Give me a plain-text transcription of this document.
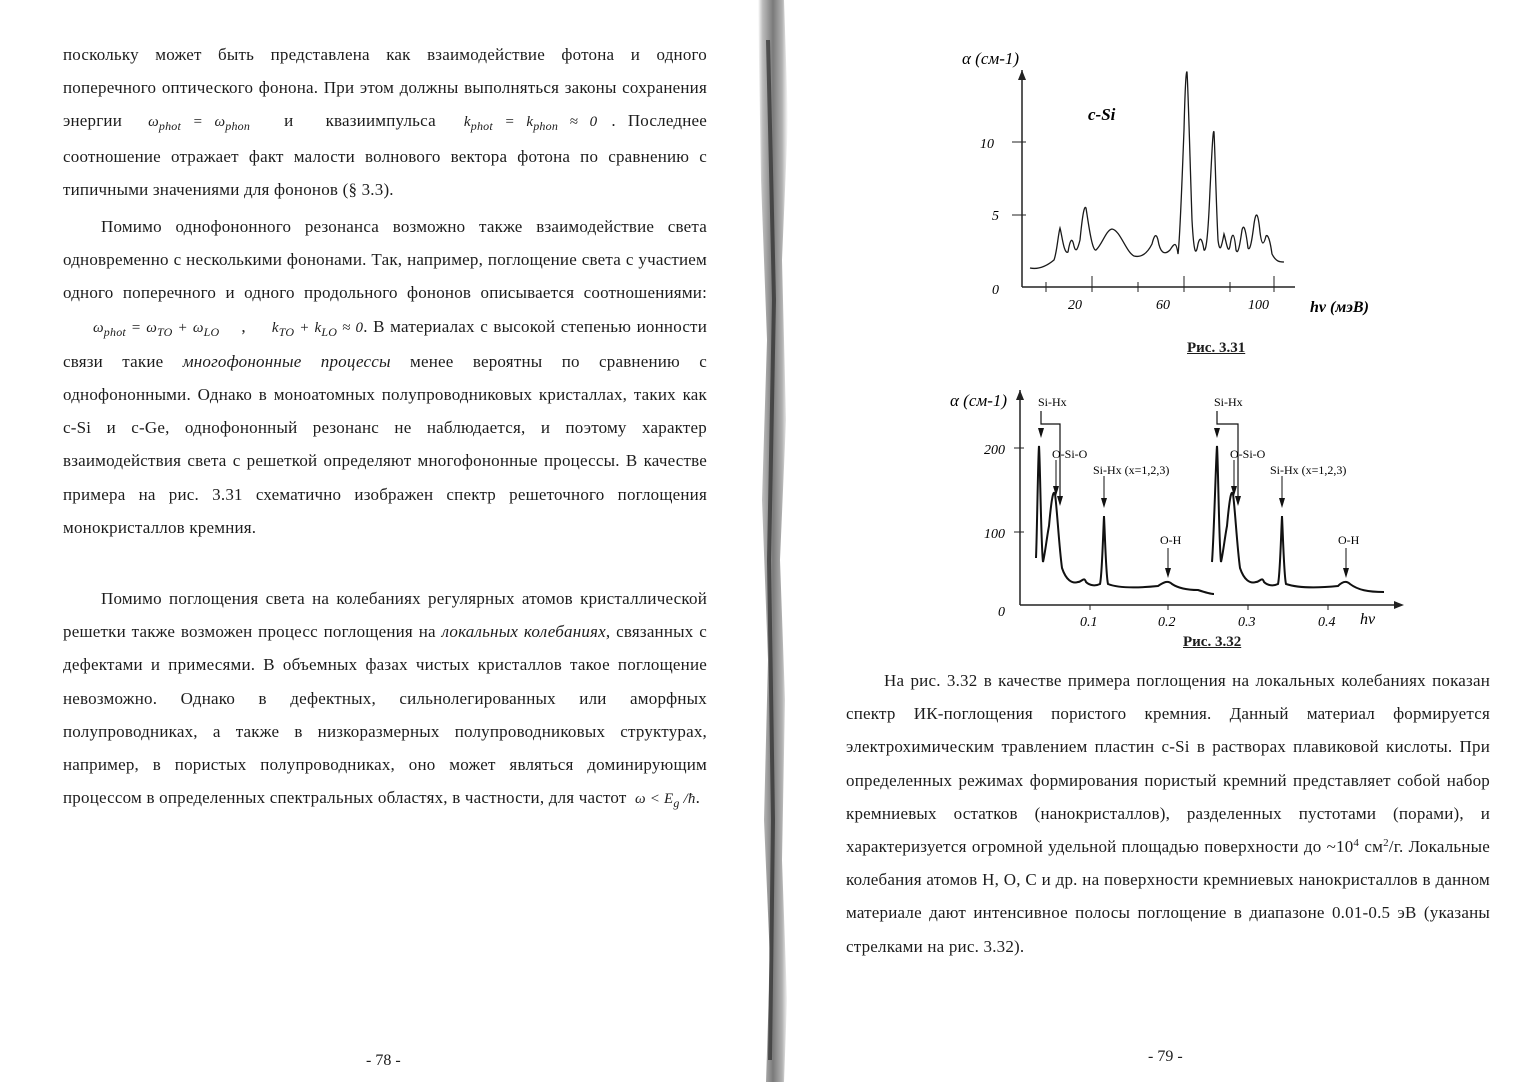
поскольку может быть представлена как взаимодействие фотона и одного поперечного оптического фонона. При этом должны выполняться законы сохранения энергии $\omega_{phot} = \omega_{phon}$ и квазиимпульса $k_{phot} = k_{phon} \approx 0$ . Последнее соотношение отражает факт малости волнового вектора фотона по сравнению с типичными значениями для фононов (§ 3.3).
Помимо однофононного резонанса возможно также взаимодействие света одновременно с несколькими фононами. Так, например, поглощение света с участием одного поперечного и одного продольного фононов описывается соотношениями: $\omega_{phot} = \omega_{TO} + \omega_{LO}$ , $k_{TO} + k_{LO} \approx 0$. В материалах с высокой степенью ионности связи такие многофононные процессы менее вероятны по сравнению с однофононными. Однако в моноатомных полупроводниковых кристаллах, таких как c-Si и c-Ge, однофононный резонанс не наблюдается, и поэтому характер взаимодействия света с решеткой определяют многофононные процессы. В качестве примера на рис. 3.31 схематично изображен спектр решеточного поглощения монокристаллов кремния.
Помимо поглощения света на колебаниях регулярных атомов кристаллической решетки также возможен процесс поглощения на локальных колебаниях, связанных с дефектами и примесями. В объемных фазах чистых кристаллов такое поглощение невозможно. Однако в дефектных, сильнолегированных или аморфных полупроводниках, а также в низкоразмерных полупроводниковых структурах, например, в пористых полупроводниках, оно может являться доминирующим процессом в определенных спектральных областях, в частности, для частот $\omega < E_g$ /ħ.
- 78 -
α (см-1)
10
5
0
20	60	100	hν (мэВ)
c-Si
Рис. 3.31
α (см-1)
200
100
0
0.1	0.2	0.3	0.4 hν
Si-Hx
O-Si-O
Si-Hx (x=1,2,3)
O-H
Si-Hx
O-Si-O
Si-Hx (x=1,2,3)
O-H
Рис. 3.32
На рис. 3.32 в качестве примера поглощения на локальных колебаниях показан спектр ИК-поглощения пористого кремния. Данный материал формируется электрохимическим травлением пластин c-Si в растворах плавиковой кислоты. При определенных режимах формирования пористый кремний представляет собой набор кремниевых остатков (нанокристаллов), разделенных пустотами (порами), и характеризуется огромной удельной площадью поверхности до $\sim 10^4$ $см^2/г$. Локальные колебания атомов H, O, C и др. на поверхности кремниевых нанокристаллов в данном материале дают интенсивное полосы поглощение в диапазоне 0.01-0.5 эВ (указаны стрелками на рис. 3.32).
- 79 -
